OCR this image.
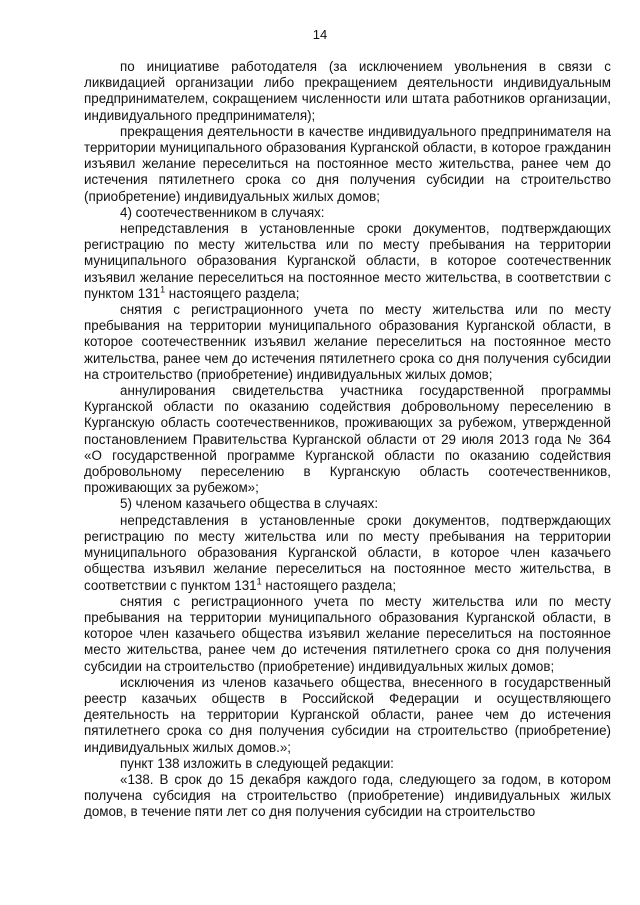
14

по инициативе работодателя (за исключением увольнения в связи с ликвидацией организации либо прекращением деятельности индивидуальным предпринимателем, сокращением численности или штата работников организации, индивидуального предпринимателя);

прекращения деятельности в качестве индивидуального предпринимателя на территории муниципального образования Курганской области, в которое гражданин изъявил желание переселиться на постоянное место жительства, ранее чем до истечения пятилетнего срока со дня получения субсидии на строительство (приобретение) индивидуальных жилых домов;

4) соотечественником в случаях:

непредставления в установленные сроки документов, подтверждающих регистрацию по месту жительства или по месту пребывания на территории муниципального образования Курганской области, в которое соотечественник изъявил желание переселиться на постоянное место жительства, в соответствии с пунктом $131^1$ настоящего раздела;

снятия с регистрационного учета по месту жительства или по месту пребывания на территории муниципального образования Курганской области, в которое соотечественник изъявил желание переселиться на постоянное место жительства, ранее чем до истечения пятилетнего срока со дня получения субсидии на строительство (приобретение) индивидуальных жилых домов;

аннулирования свидетельства участника государственной программы Курганской области по оказанию содействия добровольному переселению в Курганскую область соотечественников, проживающих за рубежом, утвержденной постановлением Правительства Курганской области от 29 июля 2013 года № 364 «О государственной программе Курганской области по оказанию содействия добровольному переселению в Курганскую область соотечественников, проживающих за рубежом»;

5) членом казачьего общества в случаях:

непредставления в установленные сроки документов, подтверждающих регистрацию по месту жительства или по месту пребывания на территории муниципального образования Курганской области, в которое член казачьего общества изъявил желание переселиться на постоянное место жительства, в соответствии с пунктом $131^1$ настоящего раздела;

снятия с регистрационного учета по месту жительства или по месту пребывания на территории муниципального образования Курганской области, в которое член казачьего общества изъявил желание переселиться на постоянное место жительства, ранее чем до истечения пятилетнего срока со дня получения субсидии на строительство (приобретение) индивидуальных жилых домов;

исключения из членов казачьего общества, внесенного в государственный реестр казачьих обществ в Российской Федерации и осуществляющего деятельность на территории Курганской области, ранее чем до истечения пятилетнего срока со дня получения субсидии на строительство (приобретение) индивидуальных жилых домов.»;

пункт 138 изложить в следующей редакции:

«138. В срок до 15 декабря каждого года, следующего за годом, в котором получена субсидия на строительство (приобретение) индивидуальных жилых домов, в течение пяти лет со дня получения субсидии на строительство
